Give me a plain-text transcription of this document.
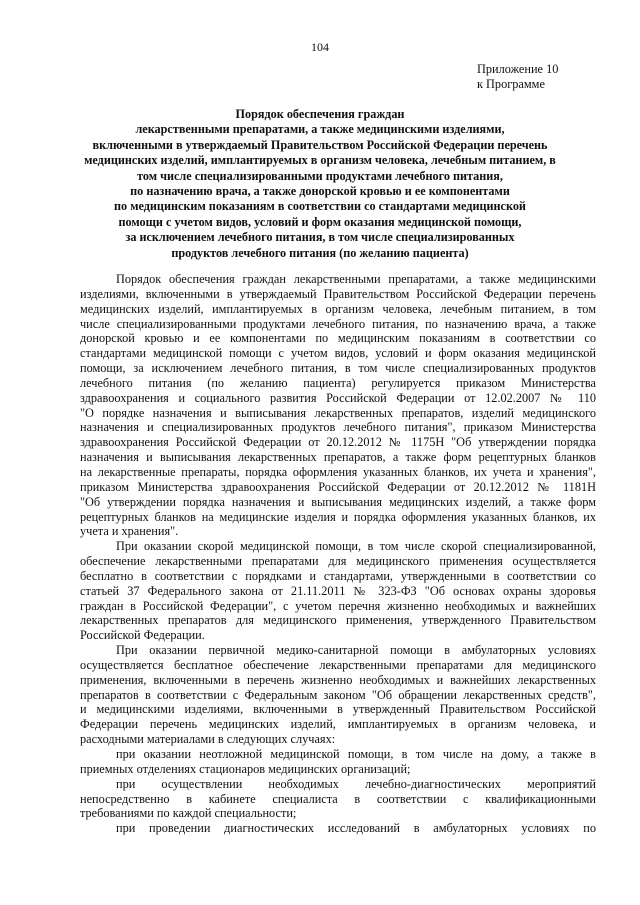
104
Приложение 10
к Программе
Порядок обеспечения граждан
лекарственными препаратами, а также медицинскими изделиями,
включенными в утверждаемый Правительством Российской Федерации перечень
медицинских изделий, имплантируемых в организм человека, лечебным питанием, в
том числе специализированными продуктами лечебного питания,
по назначению врача, а также донорской кровью и ее компонентами
по медицинским показаниям в соответствии со стандартами медицинской
помощи с учетом видов, условий и форм оказания медицинской помощи,
за исключением лечебного питания, в том числе специализированных
продуктов лечебного питания (по желанию пациента)

Порядок обеспечения граждан лекарственными препаратами, а также медицинскими
изделиями, включенными в утверждаемый Правительством Российской Федерации перечень
медицинских изделий, имплантируемых в организм человека, лечебным питанием, в том
числе специализированными продуктами лечебного питания, по назначению врача, а также
донорской кровью и ее компонентами по медицинским показаниям в соответствии со
стандартами медицинской помощи с учетом видов, условий и форм оказания медицинской
помощи, за исключением лечебного питания, в том числе специализированных продуктов
лечебного питания (по желанию пациента) регулируется приказом Министерства
здравоохранения и социального развития Российской Федерации от 12.02.2007 № 110
"О порядке назначения и выписывания лекарственных препаратов, изделий медицинского
назначения и специализированных продуктов лечебного питания", приказом Министерства
здравоохранения Российской Федерации от 20.12.2012 № 1175Н "Об утверждении порядка
назначения и выписывания лекарственных препаратов, а также форм рецептурных бланков
на лекарственные препараты, порядка оформления указанных бланков, их учета и хранения",
приказом Министерства здравоохранения Российской Федерации от 20.12.2012 № 1181Н
"Об утверждении порядка назначения и выписывания медицинских изделий, а также форм
рецептурных бланков на медицинские изделия и порядка оформления указанных бланков, их
учета и хранения".

При оказании скорой медицинской помощи, в том числе скорой специализированной,
обеспечение лекарственными препаратами для медицинского применения осуществляется
бесплатно в соответствии с порядками и стандартами, утвержденными в соответствии со
статьей 37 Федерального закона от 21.11.2011 № 323-ФЗ "Об основах охраны здоровья
граждан в Российской Федерации", с учетом перечня жизненно необходимых и важнейших
лекарственных препаратов для медицинского применения, утвержденного Правительством
Российской Федерации.

При оказании первичной медико-санитарной помощи в амбулаторных условиях
осуществляется бесплатное обеспечение лекарственными препаратами для медицинского
применения, включенными в перечень жизненно необходимых и важнейших лекарственных
препаратов в соответствии с Федеральным законом "Об обращении лекарственных средств",
и медицинскими изделиями, включенными в утвержденный Правительством Российской
Федерации перечень медицинских изделий, имплантируемых в организм человека, и
расходными материалами в следующих случаях:

при оказании неотложной медицинской помощи, в том числе на дому, а также в
приемных отделениях стационаров медицинских организаций;

при осуществлении необходимых лечебно-диагностических мероприятий
непосредственно в кабинете специалиста в соответствии с квалификационными
требованиями по каждой специальности;

при проведении диагностических исследований в амбулаторных условиях по
